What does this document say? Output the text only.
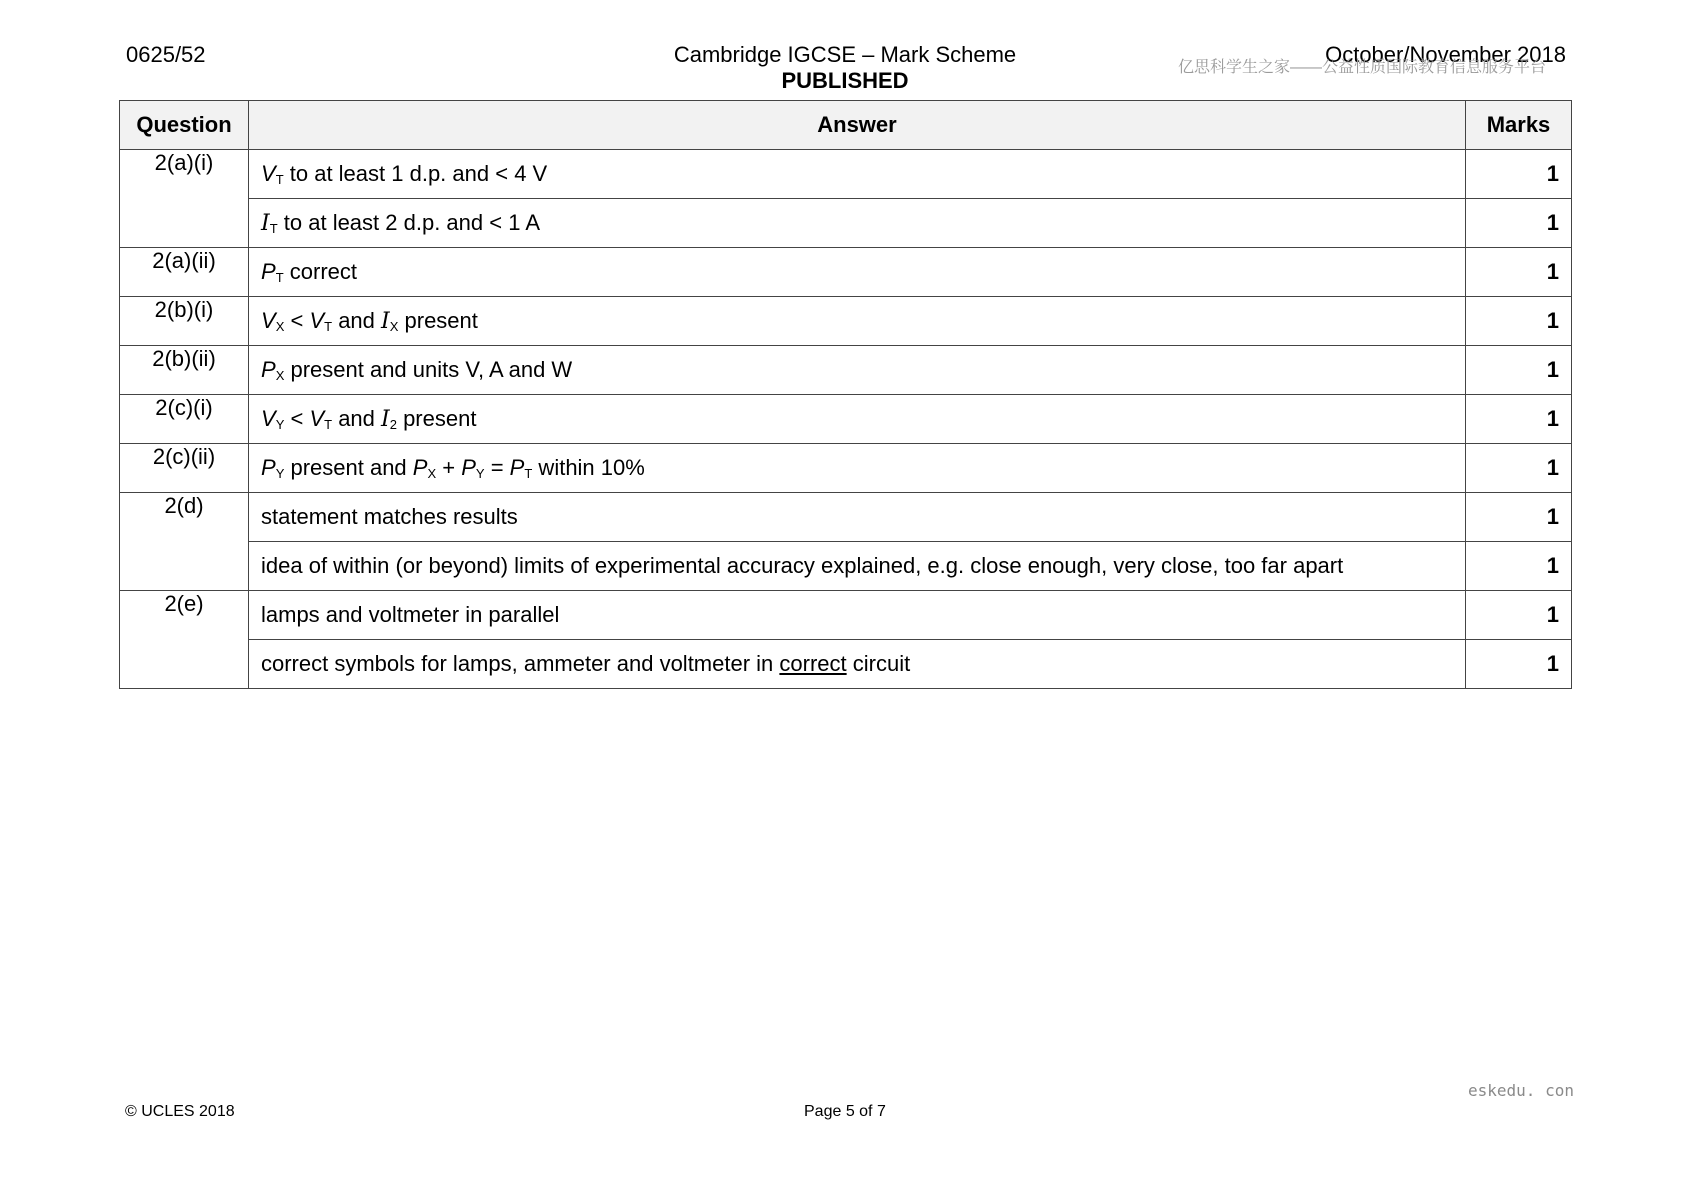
0625/52	Cambridge IGCSE – Mark Scheme
PUBLISHED
October/November 2018
亿思科学生之家——公益性质国际教育信息服务平台
Question	Answer	Marks
2(a)(i)	$V_T$ to at least 1 d.p. and < 4 V	1
	$I_T$ to at least 2 d.p. and < 1 A	1
2(a)(ii)	$P_T$ correct	1
2(b)(i)	$V_X < V_T$ and $I_X$ present	1
2(b)(ii)	$P_X$ present and units V, A and W	1
2(c)(i)	$V_Y < V_T$ and $I_2$ present	1
2(c)(ii)	$P_Y$ present and $P_X + P_Y = P_T$ within 10%	1
2(d)	statement matches results	1
	idea of within (or beyond) limits of experimental accuracy explained, e.g. close enough, very close, too far apart	1
2(e)	lamps and voltmeter in parallel	1
	correct symbols for lamps, ammeter and voltmeter in correct circuit	1
eskedu. con
© UCLES 2018	Page 5 of 7
